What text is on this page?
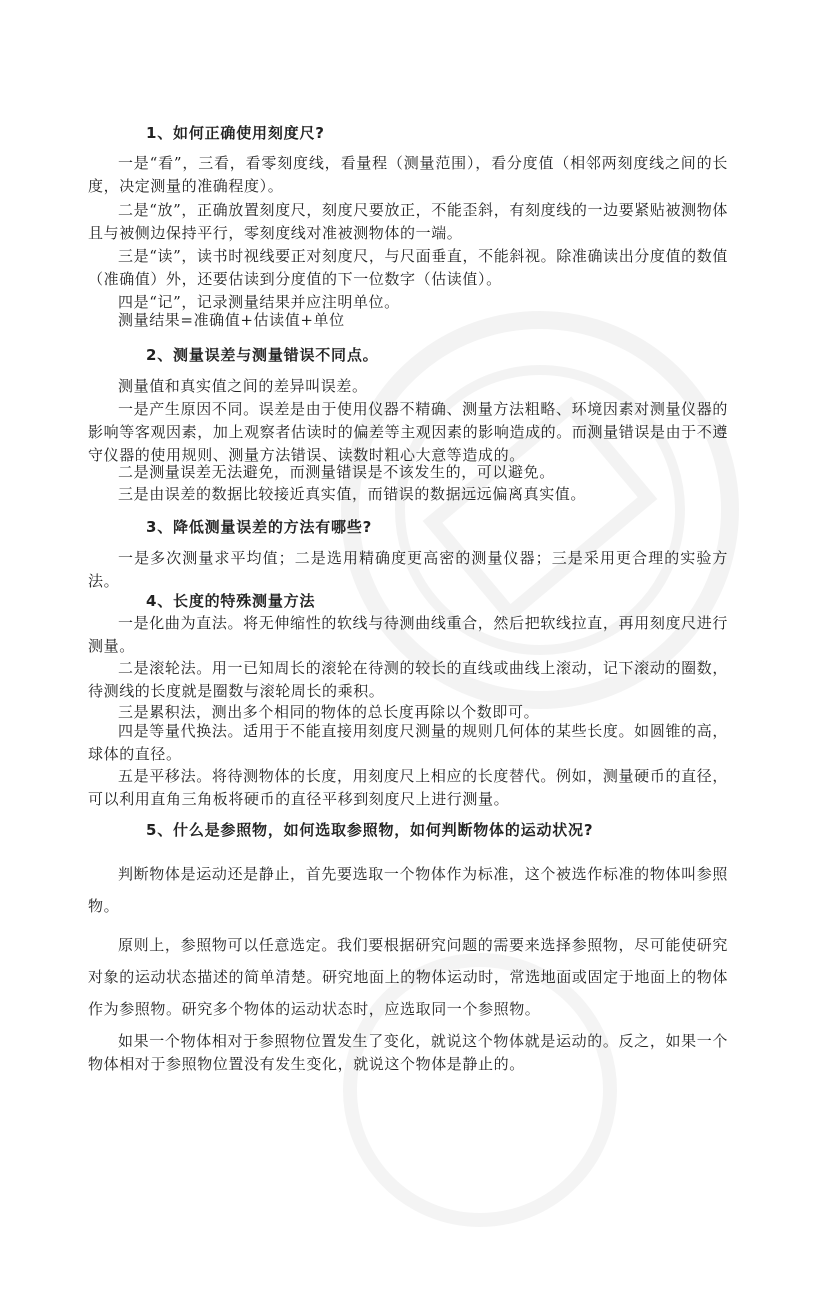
1、如何正确使用刻度尺?

一是“看”，三看，看零刻度线，看量程（测量范围），看分度值（相邻两刻度线之间的长度，决定测量的准确程度）。

二是“放”，正确放置刻度尺，刻度尺要放正，不能歪斜，有刻度线的一边要紧贴被测物体且与被侧边保持平行，零刻度线对准被测物体的一端。

三是“读”，读书时视线要正对刻度尺，与尺面垂直，不能斜视。除准确读出分度值的数值（准确值）外，还要估读到分度值的下一位数字（估读值）。

四是“记”，记录测量结果并应注明单位。

测量结果=准确值+估读值+单位

2、测量误差与测量错误不同点。

测量值和真实值之间的差异叫误差。

一是产生原因不同。误差是由于使用仪器不精确、测量方法粗略、环境因素对测量仪器的影响等客观因素，加上观察者估读时的偏差等主观因素的影响造成的。而测量错误是由于不遵守仪器的使用规则、测量方法错误、读数时粗心大意等造成的。

二是测量误差无法避免，而测量错误是不该发生的，可以避免。

三是由误差的数据比较接近真实值，而错误的数据远远偏离真实值。

3、降低测量误差的方法有哪些?

一是多次测量求平均值；二是选用精确度更高密的测量仪器；三是采用更合理的实验方法。

4、长度的特殊测量方法

一是化曲为直法。将无伸缩性的软线与待测曲线重合，然后把软线拉直，再用刻度尺进行测量。

二是滚轮法。用一已知周长的滚轮在待测的较长的直线或曲线上滚动，记下滚动的圈数，待测线的长度就是圈数与滚轮周长的乘积。

三是累积法，测出多个相同的物体的总长度再除以个数即可。

四是等量代换法。适用于不能直接用刻度尺测量的规则几何体的某些长度。如圆锥的高，球体的直径。

五是平移法。将待测物体的长度，用刻度尺上相应的长度替代。例如，测量硬币的直径，可以利用直角三角板将硬币的直径平移到刻度尺上进行测量。

5、什么是参照物，如何选取参照物，如何判断物体的运动状况?

判断物体是运动还是静止，首先要选取一个物体作为标准，这个被选作标准的物体叫参照物。

原则上，参照物可以任意选定。我们要根据研究问题的需要来选择参照物，尽可能使研究对象的运动状态描述的简单清楚。研究地面上的物体运动时，常选地面或固定于地面上的物体作为参照物。研究多个物体的运动状态时，应选取同一个参照物。

如果一个物体相对于参照物位置发生了变化，就说这个物体就是运动的。反之，如果一个物体相对于参照物位置没有发生变化，就说这个物体是静止的。
